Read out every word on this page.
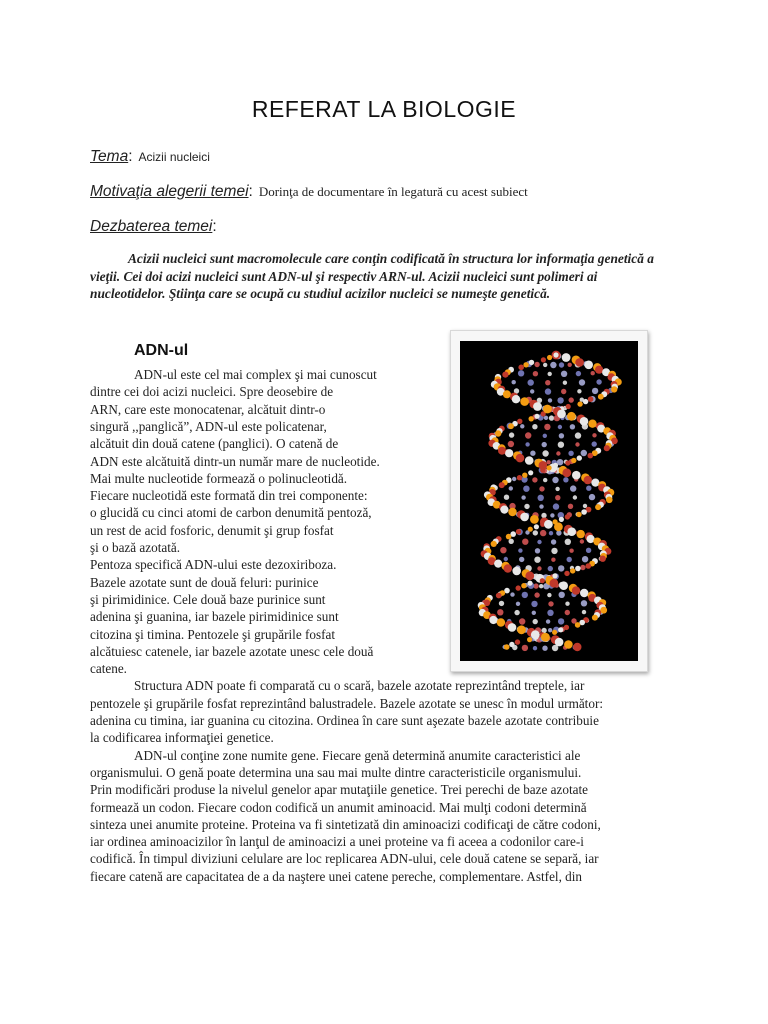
REFERAT LA BIOLOGIE
Tema: Acizii nucleici
Motivaţia alegerii temei: Dorinţa de documentare în legatură cu acest subiect
Dezbaterea temei:
Acizii nucleici sunt macromolecule care conţin codificată în structura lor informaţia genetică a vieţii. Cei doi acizi nucleici sunt ADN-ul şi respectiv ARN-ul. Acizii nucleici sunt polimeri ai nucleotidelor. Ştiinţa care se ocupă cu studiul acizilor nucleici se numeşte genetică.
ADN-ul
ADN-ul este cel mai complex şi mai cunoscut
dintre cei doi acizi nucleici. Spre deosebire de
ARN, care este monocatenar, alcătuit dintr-o
singură ,,panglică”, ADN-ul este policatenar,
alcătuit din două catene (panglici). O catenă de
ADN este alcătuită dintr-un număr mare de nucleotide.
Mai multe nucleotide formează o polinucleotidă.
Fiecare nucleotidă este formată din trei componente:
o glucidă cu cinci atomi de carbon denumită pentoză,
un rest de acid fosforic, denumit şi grup fosfat
şi o bază azotată.
Pentoza specifică ADN-ului este dezoxiriboza.
Bazele azotate sunt de două feluri: purinice
şi pirimidinice. Cele două baze purinice sunt
adenina şi guanina, iar bazele pirimidinice sunt
citozina şi timina. Pentozele şi grupările fosfat
alcătuiesc catenele, iar bazele azotate unesc cele două
catene.
Structura ADN poate fi comparată cu o scară, bazele azotate reprezintând treptele, iar
pentozele şi grupările fosfat reprezintând balustradele. Bazele azotate se unesc în modul următor:
adenina cu timina, iar guanina cu citozina. Ordinea în care sunt aşezate bazele azotate contribuie
la codificarea informaţiei genetice.
ADN-ul conţine zone numite gene. Fiecare genă determină anumite caracteristici ale
organismului. O genă poate determina una sau mai multe dintre caracteristicile organismului.
Prin modificări produse la nivelul genelor apar mutaţiile genetice. Trei perechi de baze azotate
formează un codon. Fiecare codon codifică un anumit aminoacid. Mai mulţi codoni determină
sinteza unei anumite proteine. Proteina va fi sintetizată din aminoacizi codificaţi de către codoni,
iar ordinea aminoacizilor în lanţul de aminoacizi a unei proteine va fi aceea a codonilor care-i
codifică. În timpul diviziuni celulare are loc replicarea ADN-ului, cele două catene se separă, iar
fiecare catenă are capacitatea de a da naştere unei catene pereche, complementare. Astfel, din
